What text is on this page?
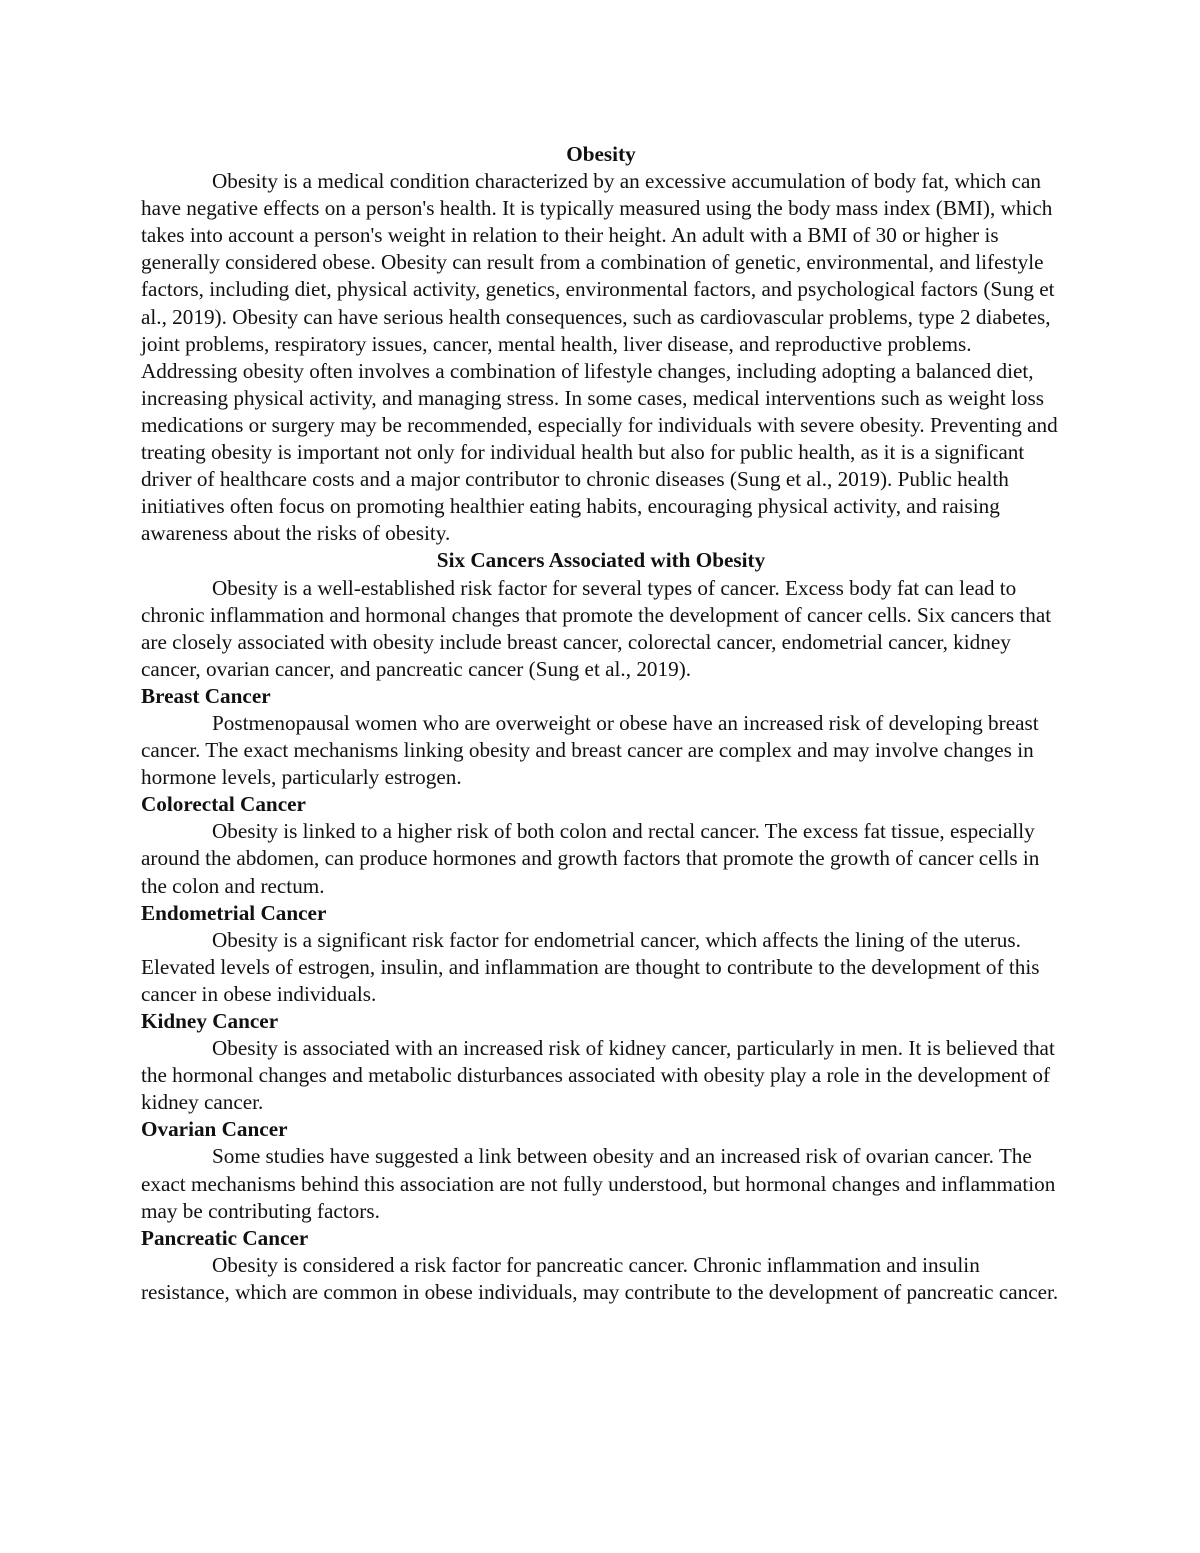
Obesity

Obesity is a medical condition characterized by an excessive accumulation of body fat, which can have negative effects on a person's health. It is typically measured using the body mass index (BMI), which takes into account a person's weight in relation to their height. An adult with a BMI of 30 or higher is generally considered obese. Obesity can result from a combination of genetic, environmental, and lifestyle factors, including diet, physical activity, genetics, environmental factors, and psychological factors (Sung et al., 2019). Obesity can have serious health consequences, such as cardiovascular problems, type 2 diabetes, joint problems, respiratory issues, cancer, mental health, liver disease, and reproductive problems. Addressing obesity often involves a combination of lifestyle changes, including adopting a balanced diet, increasing physical activity, and managing stress. In some cases, medical interventions such as weight loss medications or surgery may be recommended, especially for individuals with severe obesity. Preventing and treating obesity is important not only for individual health but also for public health, as it is a significant driver of healthcare costs and a major contributor to chronic diseases (Sung et al., 2019). Public health initiatives often focus on promoting healthier eating habits, encouraging physical activity, and raising awareness about the risks of obesity.

Six Cancers Associated with Obesity

Obesity is a well-established risk factor for several types of cancer. Excess body fat can lead to chronic inflammation and hormonal changes that promote the development of cancer cells. Six cancers that are closely associated with obesity include breast cancer, colorectal cancer, endometrial cancer, kidney cancer, ovarian cancer, and pancreatic cancer (Sung et al., 2019).

Breast Cancer

Postmenopausal women who are overweight or obese have an increased risk of developing breast cancer. The exact mechanisms linking obesity and breast cancer are complex and may involve changes in hormone levels, particularly estrogen.

Colorectal Cancer

Obesity is linked to a higher risk of both colon and rectal cancer. The excess fat tissue, especially around the abdomen, can produce hormones and growth factors that promote the growth of cancer cells in the colon and rectum.

Endometrial Cancer

Obesity is a significant risk factor for endometrial cancer, which affects the lining of the uterus. Elevated levels of estrogen, insulin, and inflammation are thought to contribute to the development of this cancer in obese individuals.

Kidney Cancer

Obesity is associated with an increased risk of kidney cancer, particularly in men. It is believed that the hormonal changes and metabolic disturbances associated with obesity play a role in the development of kidney cancer.

Ovarian Cancer

Some studies have suggested a link between obesity and an increased risk of ovarian cancer. The exact mechanisms behind this association are not fully understood, but hormonal changes and inflammation may be contributing factors.

Pancreatic Cancer

Obesity is considered a risk factor for pancreatic cancer. Chronic inflammation and insulin resistance, which are common in obese individuals, may contribute to the development of pancreatic cancer.
